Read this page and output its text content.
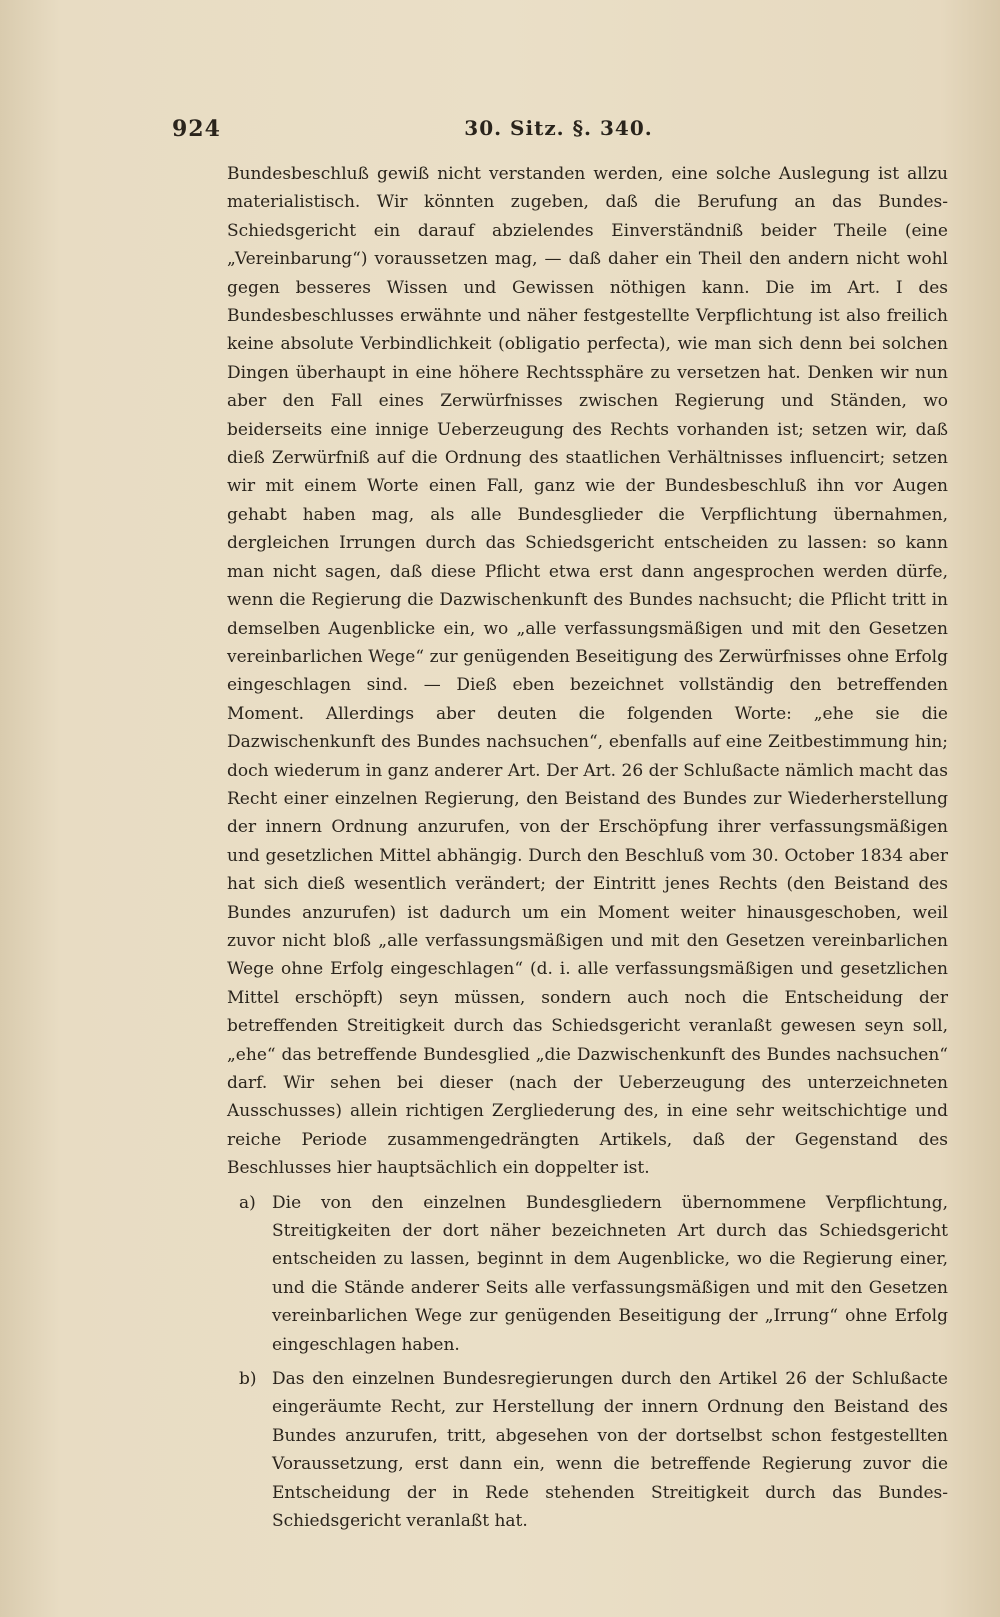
924	30. Sitz. §. 340.

Bundesbeschluß gewiß nicht verstanden werden, eine solche Auslegung ist allzu materialistisch. Wir könnten zugeben, daß die Berufung an das Bundes-Schiedsgericht ein darauf abzielendes Einverständniß beider Theile (eine „Vereinbarung“) voraussetzen mag, — daß daher ein Theil den andern nicht wohl gegen besseres Wissen und Gewissen nöthigen kann. Die im Art. I des Bundesbeschlusses erwähnte und näher festgestellte Verpflichtung ist also freilich keine absolute Verbindlichkeit (obligatio perfecta), wie man sich denn bei solchen Dingen überhaupt in eine höhere Rechtssphäre zu versetzen hat. Denken wir nun aber den Fall eines Zerwürfnisses zwischen Regierung und Ständen, wo beiderseits eine innige Ueberzeugung des Rechts vorhanden ist; setzen wir, daß dieß Zerwürfniß auf die Ordnung des staatlichen Verhältnisses influencirt; setzen wir mit einem Worte einen Fall, ganz wie der Bundesbeschluß ihn vor Augen gehabt haben mag, als alle Bundesglieder die Verpflichtung übernahmen, dergleichen Irrungen durch das Schiedsgericht entscheiden zu lassen: so kann man nicht sagen, daß diese Pflicht etwa erst dann angesprochen werden dürfe, wenn die Regierung die Dazwischenkunft des Bundes nachsucht; die Pflicht tritt in demselben Augenblicke ein, wo „alle verfassungsmäßigen und mit den Gesetzen vereinbarlichen Wege“ zur genügenden Beseitigung des Zerwürfnisses ohne Erfolg eingeschlagen sind. — Dieß eben bezeichnet vollständig den betreffenden Moment. Allerdings aber deuten die folgenden Worte: „ehe sie die Dazwischenkunft des Bundes nachsuchen“, ebenfalls auf eine Zeitbestimmung hin; doch wiederum in ganz anderer Art. Der Art. 26 der Schlußacte nämlich macht das Recht einer einzelnen Regierung, den Beistand des Bundes zur Wiederherstellung der innern Ordnung anzurufen, von der Erschöpfung ihrer verfassungsmäßigen und gesetzlichen Mittel abhängig. Durch den Beschluß vom 30. October 1834 aber hat sich dieß wesentlich verändert; der Eintritt jenes Rechts (den Beistand des Bundes anzurufen) ist dadurch um ein Moment weiter hinausgeschoben, weil zuvor nicht bloß „alle verfassungsmäßigen und mit den Gesetzen vereinbarlichen Wege ohne Erfolg eingeschlagen“ (d. i. alle verfassungsmäßigen und gesetzlichen Mittel erschöpft) seyn müssen, sondern auch noch die Entscheidung der betreffenden Streitigkeit durch das Schiedsgericht veranlaßt gewesen seyn soll, „ehe“ das betreffende Bundesglied „die Dazwischenkunft des Bundes nachsuchen“ darf. Wir sehen bei dieser (nach der Ueberzeugung des unterzeichneten Ausschusses) allein richtigen Zergliederung des, in eine sehr weitschichtige und reiche Periode zusammengedrängten Artikels, daß der Gegenstand des Beschlusses hier hauptsächlich ein doppelter ist.

a) Die von den einzelnen Bundesgliedern übernommene Verpflichtung, Streitigkeiten der dort näher bezeichneten Art durch das Schiedsgericht entscheiden zu lassen, beginnt in dem Augenblicke, wo die Regierung einer, und die Stände anderer Seits alle verfassungsmäßigen und mit den Gesetzen vereinbarlichen Wege zur genügenden Beseitigung der „Irrung“ ohne Erfolg eingeschlagen haben.

b) Das den einzelnen Bundesregierungen durch den Artikel 26 der Schlußacte eingeräumte Recht, zur Herstellung der innern Ordnung den Beistand des Bundes anzurufen, tritt, abgesehen von der dortselbst schon festgestellten Voraussetzung, erst dann ein, wenn die betreffende Regierung zuvor die Entscheidung der in Rede stehenden Streitigkeit durch das Bundes-Schiedsgericht veranlaßt hat.
